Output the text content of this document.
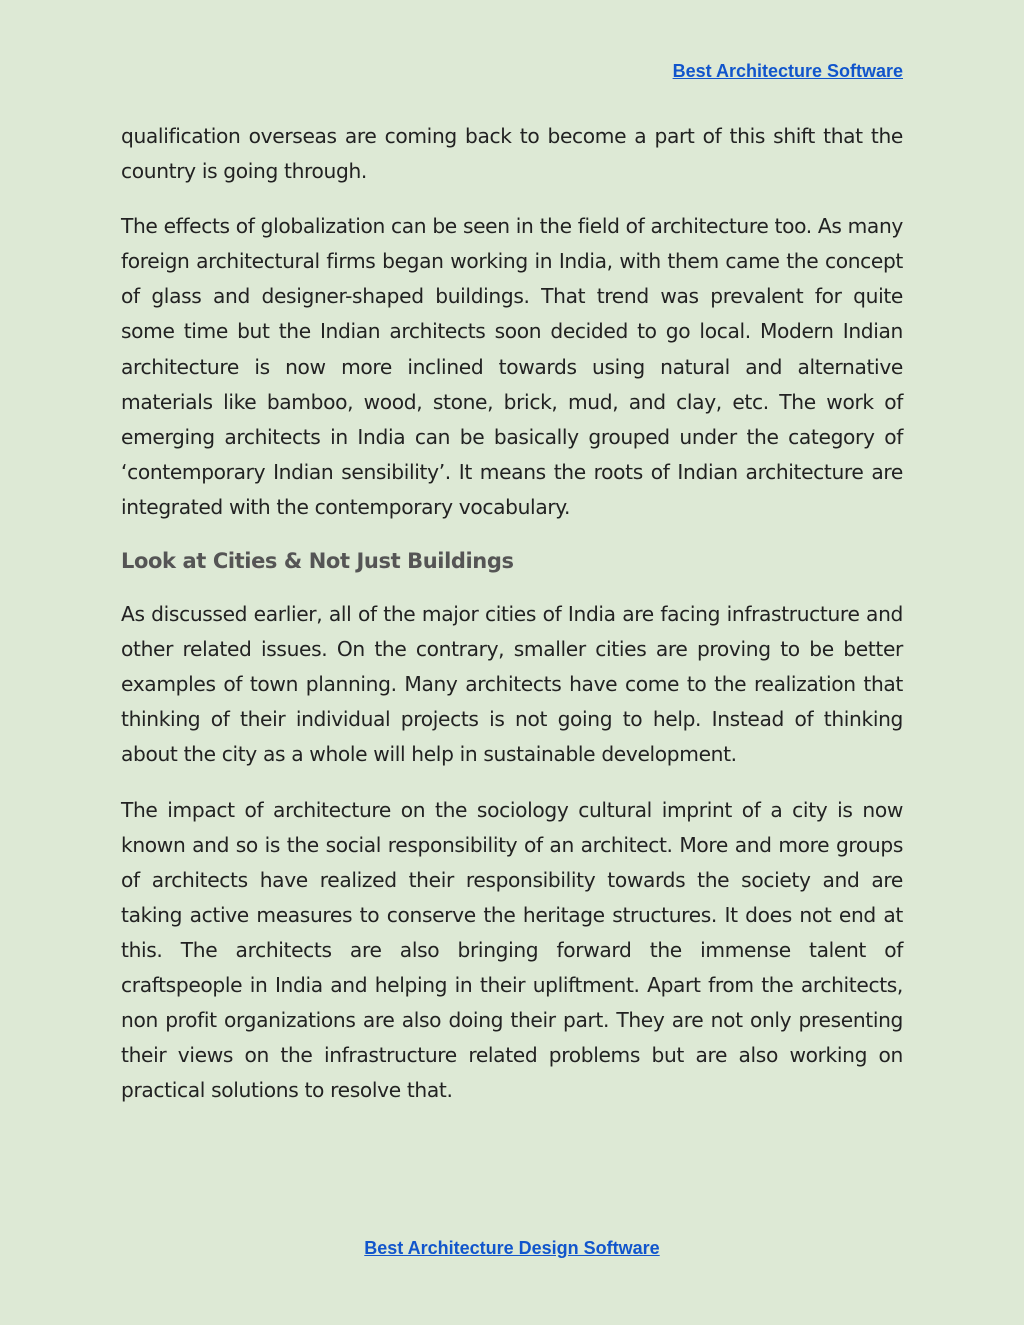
Best Architecture Software

qualification overseas are coming back to become a part of this shift that the country is going through.

The effects of globalization can be seen in the field of architecture too. As many foreign architectural firms began working in India, with them came the concept of glass and designer-shaped buildings. That trend was prevalent for quite some time but the Indian architects soon decided to go local. Modern Indian architecture is now more inclined towards using natural and alternative materials like bamboo, wood, stone, brick, mud, and clay, etc. The work of emerging architects in India can be basically grouped under the category of ‘contemporary Indian sensibility’. It means the roots of Indian architecture are integrated with the contemporary vocabulary.

Look at Cities & Not Just Buildings

As discussed earlier, all of the major cities of India are facing infrastructure and other related issues. On the contrary, smaller cities are proving to be better examples of town planning. Many architects have come to the realization that thinking of their individual projects is not going to help. Instead of thinking about the city as a whole will help in sustainable development.

The impact of architecture on the sociology cultural imprint of a city is now known and so is the social responsibility of an architect. More and more groups of architects have realized their responsibility towards the society and are taking active measures to conserve the heritage structures. It does not end at this. The architects are also bringing forward the immense talent of craftspeople in India and helping in their upliftment. Apart from the architects, non profit organizations are also doing their part. They are not only presenting their views on the infrastructure related problems but are also working on practical solutions to resolve that.

Best Architecture Design Software
